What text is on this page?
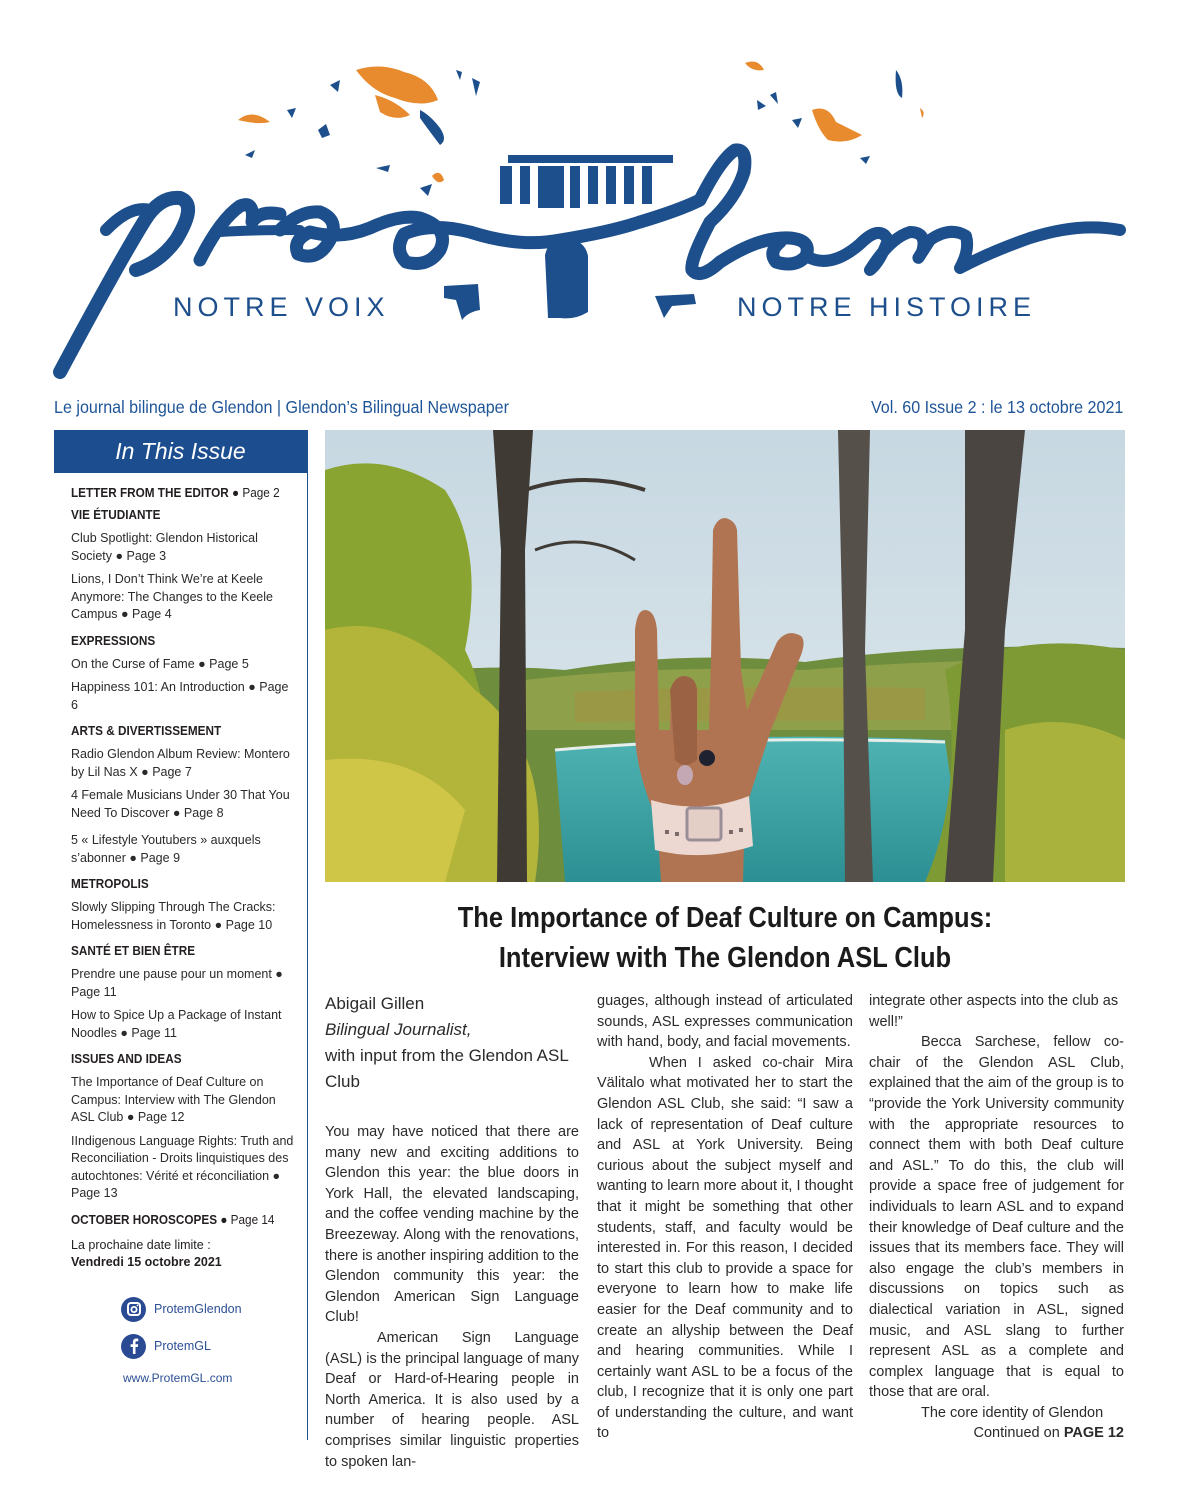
NOTRE VOIX	NOTRE HISTOIRE
Le journal bilingue de Glendon | Glendon’s Bilingual Newspaper	Vol. 60 Issue 2 : le 13 octobre 2021
In This Issue
LETTER FROM THE EDITOR ● Page 2
VIE ÉTUDIANTE
Club Spotlight: Glendon Historical Society ● Page 3
Lions, I Don’t Think We’re at Keele Anymore: The Changes to the Keele Campus ● Page 4
EXPRESSIONS
On the Curse of Fame ● Page 5
Happiness 101: An Introduction ● Page 6
ARTS & DIVERTISSEMENT
Radio Glendon Album Review: Montero by Lil Nas X ● Page 7
4 Female Musicians Under 30 That You Need To Discover ● Page 8
5 « Lifestyle Youtubers » auxquels s’abonner ● Page 9
METROPOLIS
Slowly Slipping Through The Cracks: Homelessness in Toronto ● Page 10
SANTÉ ET BIEN ÊTRE
Prendre une pause pour un moment ● Page 11
How to Spice Up a Package of Instant Noodles ● Page 11
ISSUES AND IDEAS
The Importance of Deaf Culture on Campus: Interview with The Glendon ASL Club ● Page 12
IIndigenous Language Rights: Truth and Reconciliation - Droits linquistiques des autochtones: Vérité et réconciliation ● Page 13
OCTOBER HOROSCOPES ● Page 14
La prochaine date limite :
Vendredi 15 octobre 2021
ProtemGlendon
ProtemGL
www.ProtemGL.com
The Importance of Deaf Culture on Campus:
Interview with The Glendon ASL Club
Abigail Gillen
Bilingual Journalist,
with input from the Glendon ASL Club

You may have noticed that there are many new and exciting additions to Glendon this year: the blue doors in York Hall, the elevated landscaping, and the coffee vending machine by the Breezeway. Along with the renovations, there is another inspiring addition to the Glendon community this year: the Glendon American Sign Language Club!

American Sign Language (ASL) is the principal language of many Deaf or Hard-of-Hearing people in North America. It is also used by a number of hearing people. ASL comprises similar linguistic properties to spoken lan-

guages, although instead of articulated sounds, ASL expresses communication with hand, body, and facial movements.

When I asked co-chair Mira Välitalo what motivated her to start the Glendon ASL Club, she said: “I saw a lack of representation of Deaf culture and ASL at York University. Being curious about the subject myself and wanting to learn more about it, I thought that it might be something that other students, staff, and faculty would be interested in. For this reason, I decided to start this club to provide a space for everyone to learn how to make life easier for the Deaf community and to create an allyship between the Deaf and hearing communities. While I certainly want ASL to be a focus of the club, I recognize that it is only one part of understanding the culture, and want to

integrate other aspects into the club as well!”

Becca Sarchese, fellow co-chair of the Glendon ASL Club, explained that the aim of the group is to “provide the York University community with the appropriate resources to connect them with both Deaf culture and ASL.” To do this, the club will provide a space free of judgement for individuals to learn ASL and to expand their knowledge of Deaf culture and the issues that its members face. They will also engage the club’s members in discussions on topics such as dialectical variation in ASL, signed music, and ASL slang to further represent ASL as a complete and complex language that is equal to those that are oral.

The core identity of Glendon

Continued on PAGE 12
